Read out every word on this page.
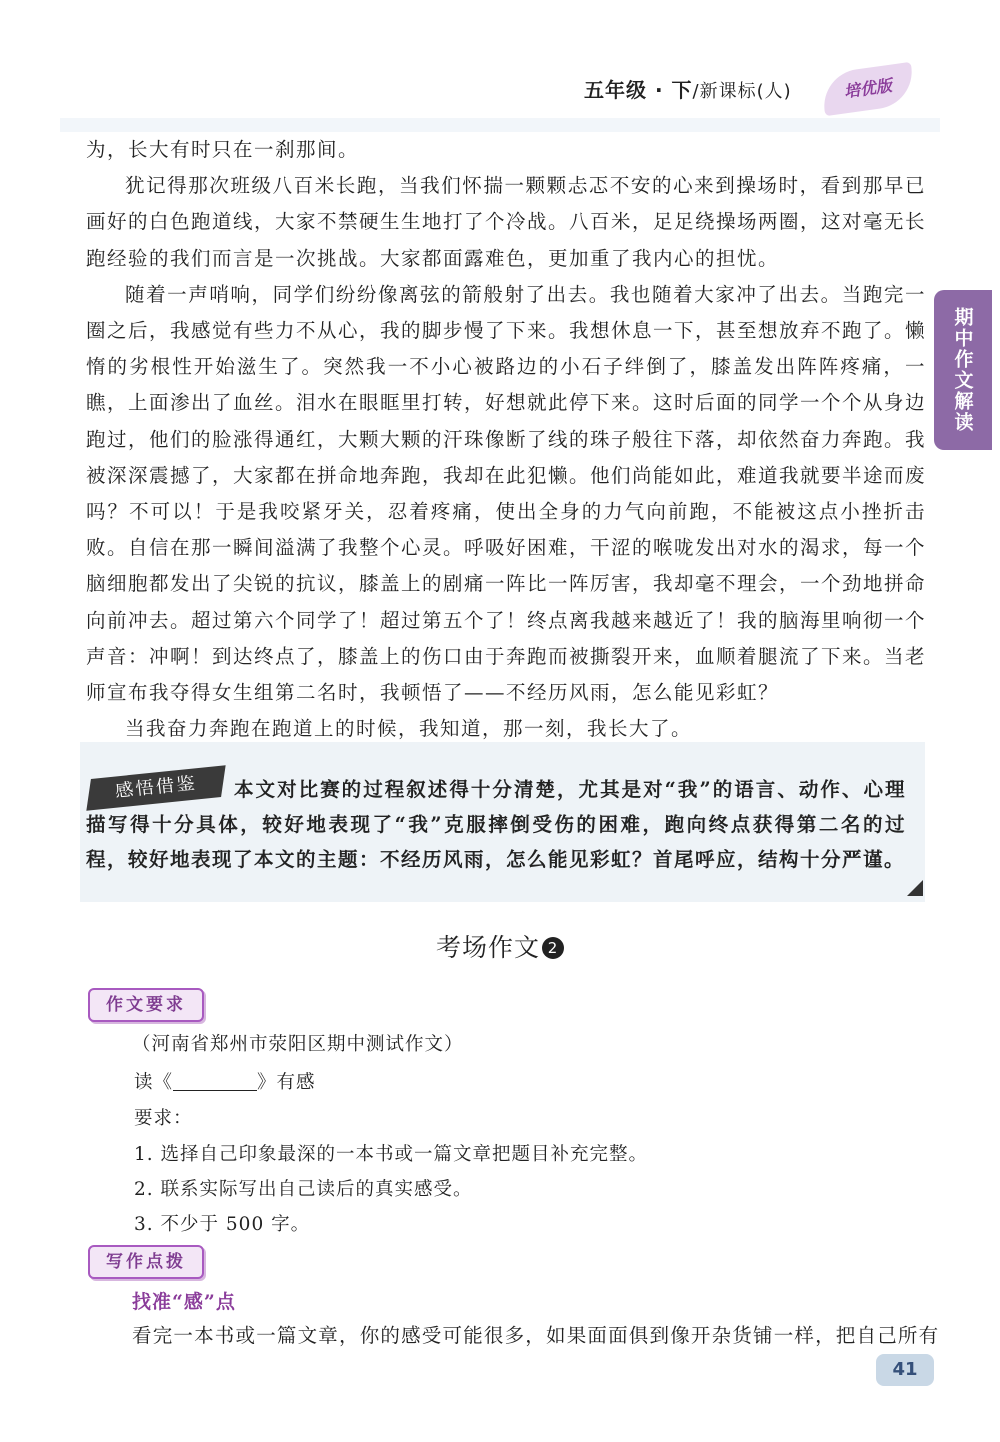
五年级 · 下/新课标(人)	培优版
期中作文解读

为，长大有时只在一刹那间。

犹记得那次班级八百米长跑，当我们怀揣一颗颗忐忑不安的心来到操场时，看到那早已画好的白色跑道线，大家不禁硬生生地打了个冷战。八百米，足足绕操场两圈，这对毫无长跑经验的我们而言是一次挑战。大家都面露难色，更加重了我内心的担忧。

随着一声哨响，同学们纷纷像离弦的箭般射了出去。我也随着大家冲了出去。当跑完一圈之后，我感觉有些力不从心，我的脚步慢了下来。我想休息一下，甚至想放弃不跑了。懒惰的劣根性开始滋生了。突然我一不小心被路边的小石子绊倒了，膝盖发出阵阵疼痛，一瞧，上面渗出了血丝。泪水在眼眶里打转，好想就此停下来。这时后面的同学一个个从身边跑过，他们的脸涨得通红，大颗大颗的汗珠像断了线的珠子般往下落，却依然奋力奔跑。我被深深震撼了，大家都在拼命地奔跑，我却在此犯懒。他们尚能如此，难道我就要半途而废吗？不可以！于是我咬紧牙关，忍着疼痛，使出全身的力气向前跑，不能被这点小挫折击败。自信在那一瞬间溢满了我整个心灵。呼吸好困难，干涩的喉咙发出对水的渴求，每一个脑细胞都发出了尖锐的抗议，膝盖上的剧痛一阵比一阵厉害，我却毫不理会，一个劲地拼命向前冲去。超过第六个同学了！超过第五个了！终点离我越来越近了！我的脑海里响彻一个声音：冲啊！到达终点了，膝盖上的伤口由于奔跑而被撕裂开来，血顺着腿流了下来。当老师宣布我夺得女生组第二名时，我顿悟了——不经历风雨，怎么能见彩虹？

当我奋力奔跑在跑道上的时候，我知道，那一刻，我长大了。

本文对比赛的过程叙述得十分清楚，尤其是对“我”的语言、动作、心理描写得十分具体，较好地表现了“我”克服摔倒受伤的困难，跑向终点获得第二名的过程，较好地表现了本文的主题：不经历风雨，怎么能见彩虹？首尾呼应，结构十分严谨。
感悟借鉴
考场作文 2
作文要求
（河南省郑州市荥阳区期中测试作文）
读《	》有感
要求：
1. 选择自己印象最深的一本书或一篇文章把题目补充完整。
2. 联系实际写出自己读后的真实感受。
3. 不少于 500 字。
写作点拨
找准“感”点
看完一本书或一篇文章，你的感受可能很多，如果面面俱到像开杂货铺一样，把自己所有
41
